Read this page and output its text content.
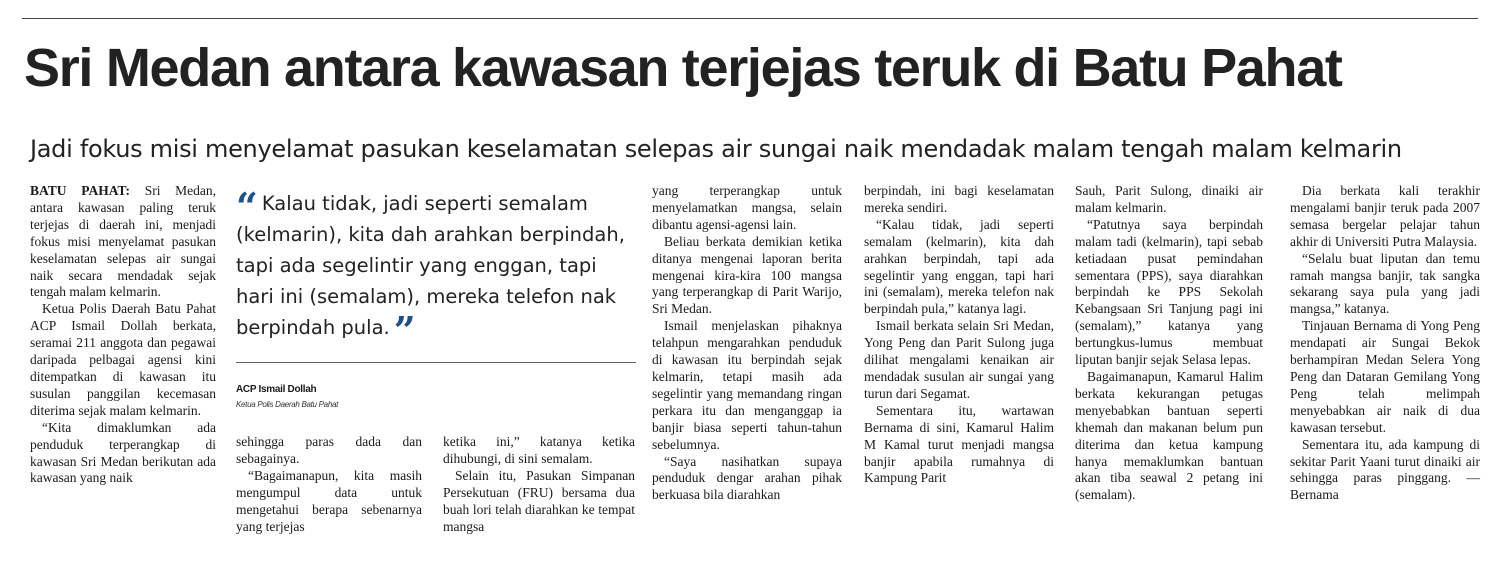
Sri Medan antara kawasan terjejas teruk di Batu Pahat
Jadi fokus misi menyelamat pasukan keselamatan selepas air sungai naik mendadak malam tengah malam kelmarin

BATU PAHAT: Sri Medan, antara kawasan paling teruk terjejas di daerah ini, menjadi fokus misi menyelamat pasukan keselamatan selepas air sungai naik secara mendadak sejak tengah malam kelmarin.

Ketua Polis Daerah Batu Pahat ACP Ismail Dollah berkata, seramai 211 anggota dan pegawai daripada pelbagai agensi kini ditempatkan di kawasan itu susulan panggilan kecemasan diterima sejak malam kelmarin.

“Kita dimaklumkan ada penduduk terperangkap di kawasan Sri Medan berikutan ada kawasan yang naik

“ Kalau tidak, jadi seperti semalam (kelmarin), kita dah arahkan berpindah, tapi ada segelintir yang enggan, tapi hari ini (semalam), mereka telefon nak berpindah pula. ”

ACP Ismail Dollah

Ketua Polis Daerah Batu Pahat

sehingga paras dada dan sebagainya.

“Bagaimanapun, kita masih mengumpul data untuk mengetahui berapa sebenarnya yang terjejas

ketika ini,” katanya ketika dihubungi, di sini semalam.

Selain itu, Pasukan Simpanan Persekutuan (FRU) bersama dua buah lori telah diarahkan ke tempat mangsa

yang terperangkap untuk menyelamatkan mangsa, selain dibantu agensi-agensi lain.

Beliau berkata demikian ketika ditanya mengenai laporan berita mengenai kira-kira 100 mangsa yang terperangkap di Parit Warijo, Sri Medan.

Ismail menjelaskan pihaknya telahpun mengarahkan penduduk di kawasan itu berpindah sejak kelmarin, tetapi masih ada segelintir yang memandang ringan perkara itu dan menganggap ia banjir biasa seperti tahun-tahun sebelumnya.

“Saya nasihatkan supaya penduduk dengar arahan pihak berkuasa bila diarahkan

berpindah, ini bagi keselamatan mereka sendiri.

“Kalau tidak, jadi seperti semalam (kelmarin), kita dah arahkan berpindah, tapi ada segelintir yang enggan, tapi hari ini (semalam), mereka telefon nak berpindah pula,” katanya lagi.

Ismail berkata selain Sri Medan, Yong Peng dan Parit Sulong juga dilihat mengalami kenaikan air mendadak susulan air sungai yang turun dari Segamat.

Sementara itu, wartawan Bernama di sini, Kamarul Halim M Kamal turut menjadi mangsa banjir apabila rumahnya di Kampung Parit

Sauh, Parit Sulong, dinaiki air malam kelmarin.

“Patutnya saya berpindah malam tadi (kelmarin), tapi sebab ketiadaan pusat pemindahan sementara (PPS), saya diarahkan berpindah ke PPS Sekolah Kebangsaan Sri Tanjung pagi ini (semalam),” katanya yang bertungkus-lumus membuat liputan banjir sejak Selasa lepas.

Bagaimanapun, Kamarul Halim berkata kekurangan petugas menyebabkan bantuan seperti khemah dan makanan belum pun diterima dan ketua kampung hanya memaklumkan bantuan akan tiba seawal 2 petang ini (semalam).

Dia berkata kali terakhir mengalami banjir teruk pada 2007 semasa bergelar pelajar tahun akhir di Universiti Putra Malaysia.

“Selalu buat liputan dan temu ramah mangsa banjir, tak sangka sekarang saya pula yang jadi mangsa,” katanya.

Tinjauan Bernama di Yong Peng mendapati air Sungai Bekok berhampiran Medan Selera Yong Peng dan Dataran Gemilang Yong Peng telah melimpah menyebabkan air naik di dua kawasan tersebut.

Sementara itu, ada kampung di sekitar Parit Yaani turut dinaiki air sehingga paras pinggang. — Bernama
